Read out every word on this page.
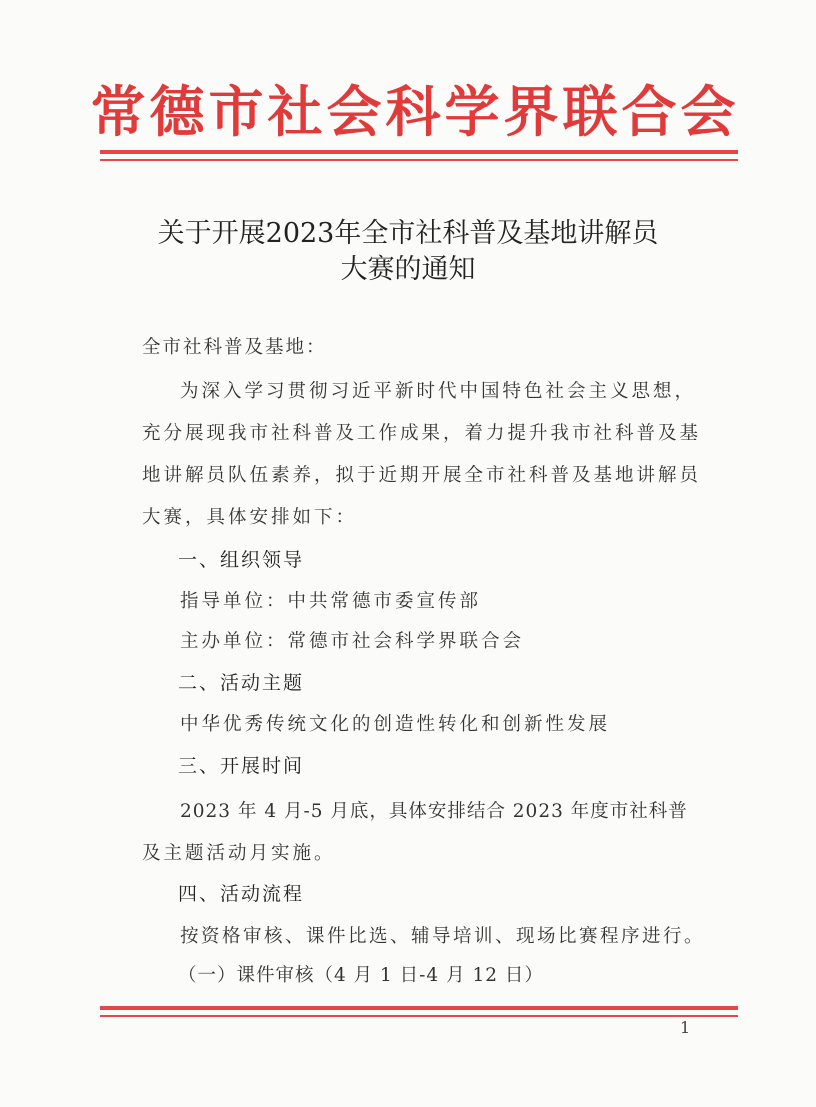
常德市社会科学界联合会
关于开展2023年全市社科普及基地讲解员
大赛的通知
全市社科普及基地：
为深入学习贯彻习近平新时代中国特色社会主义思想，
充分展现我市社科普及工作成果，着力提升我市社科普及基
地讲解员队伍素养，拟于近期开展全市社科普及基地讲解员
大赛，具体安排如下：
一、组织领导
指导单位：中共常德市委宣传部
主办单位：常德市社会科学界联合会
二、活动主题
中华优秀传统文化的创造性转化和创新性发展
三、开展时间
2023 年 4 月-5 月底，具体安排结合 2023 年度市社科普
及主题活动月实施。
四、活动流程
按资格审核、课件比选、辅导培训、现场比赛程序进行。
（一）课件审核（4 月 1 日-4 月 12 日）
1
